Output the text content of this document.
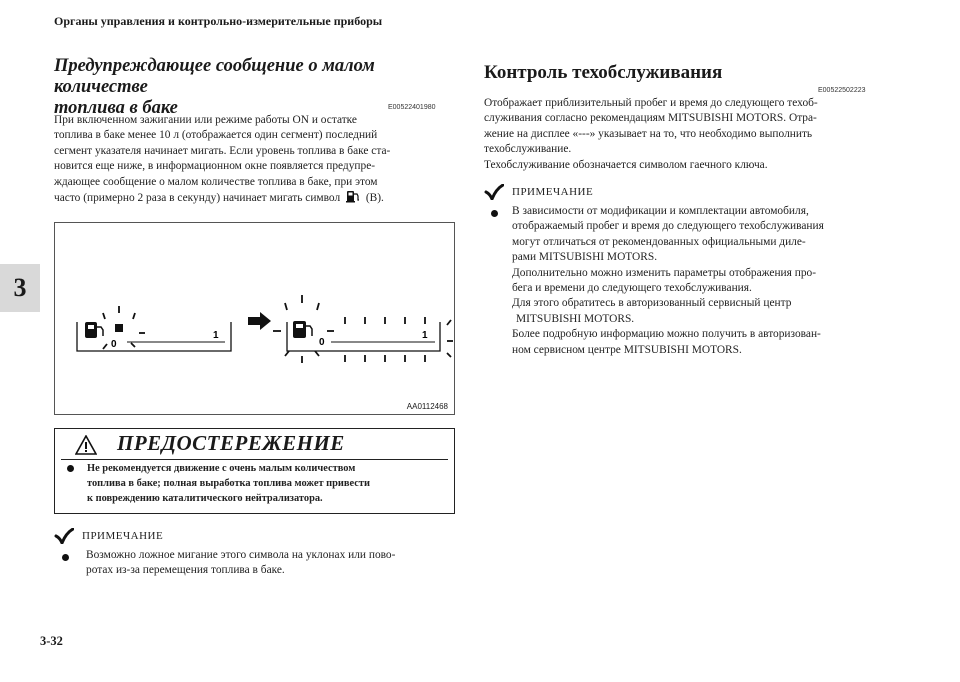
Органы управления и контрольно-измерительные приборы
3
Предупреждающее сообщение о малом количестве
топлива в баке	E00522401980

При включенном зажигании или режиме работы ON и остатке

топлива в баке менее 10 л (отображается один сегмент) последний

сегмент указателя начинает мигать. Если уровень топлива в баке ста-

новится еще ниже, в информационном окне появляется предупре-

ждающее сообщение о малом количестве топлива в баке, при этом

часто (примерно 2 раза в секунду) начинает мигать символ (B).

0
1
0
1
AA0112468
ПРЕДОСТЕРЕЖЕНИЕ

Не рекомендуется движение с очень малым количеством

топлива в баке; полная выработка топлива может привести

к повреждению каталитического нейтрализатора.

ПРИМЕЧАНИЕ

Возможно ложное мигание этого символа на уклонах или пово-

ротах из-за перемещения топлива в баке.

Контроль техобслуживания
E00522502223

Отображает приблизительный пробег и время до следующего техоб-

служивания согласно рекомендациям MITSUBISHI MOTORS. Отра-

жение на дисплее «---» указывает на то, что необходимо выполнить

техобслуживание.

Техобслуживание обозначается символом гаечного ключа.

ПРИМЕЧАНИЕ

В зависимости от модификации и комплектации автомобиля,

отображаемый пробег и время до следующего техобслуживания

могут отличаться от рекомендованных официальными диле-

рами MITSUBISHI MOTORS.

Дополнительно можно изменить параметры отображения про-

бега и времени до следующего техобслуживания.

Для этого обратитесь в авторизованный сервисный центр

MITSUBISHI MOTORS.

Более подробную информацию можно получить в авторизован-

ном сервисном центре MITSUBISHI MOTORS.

3-32
